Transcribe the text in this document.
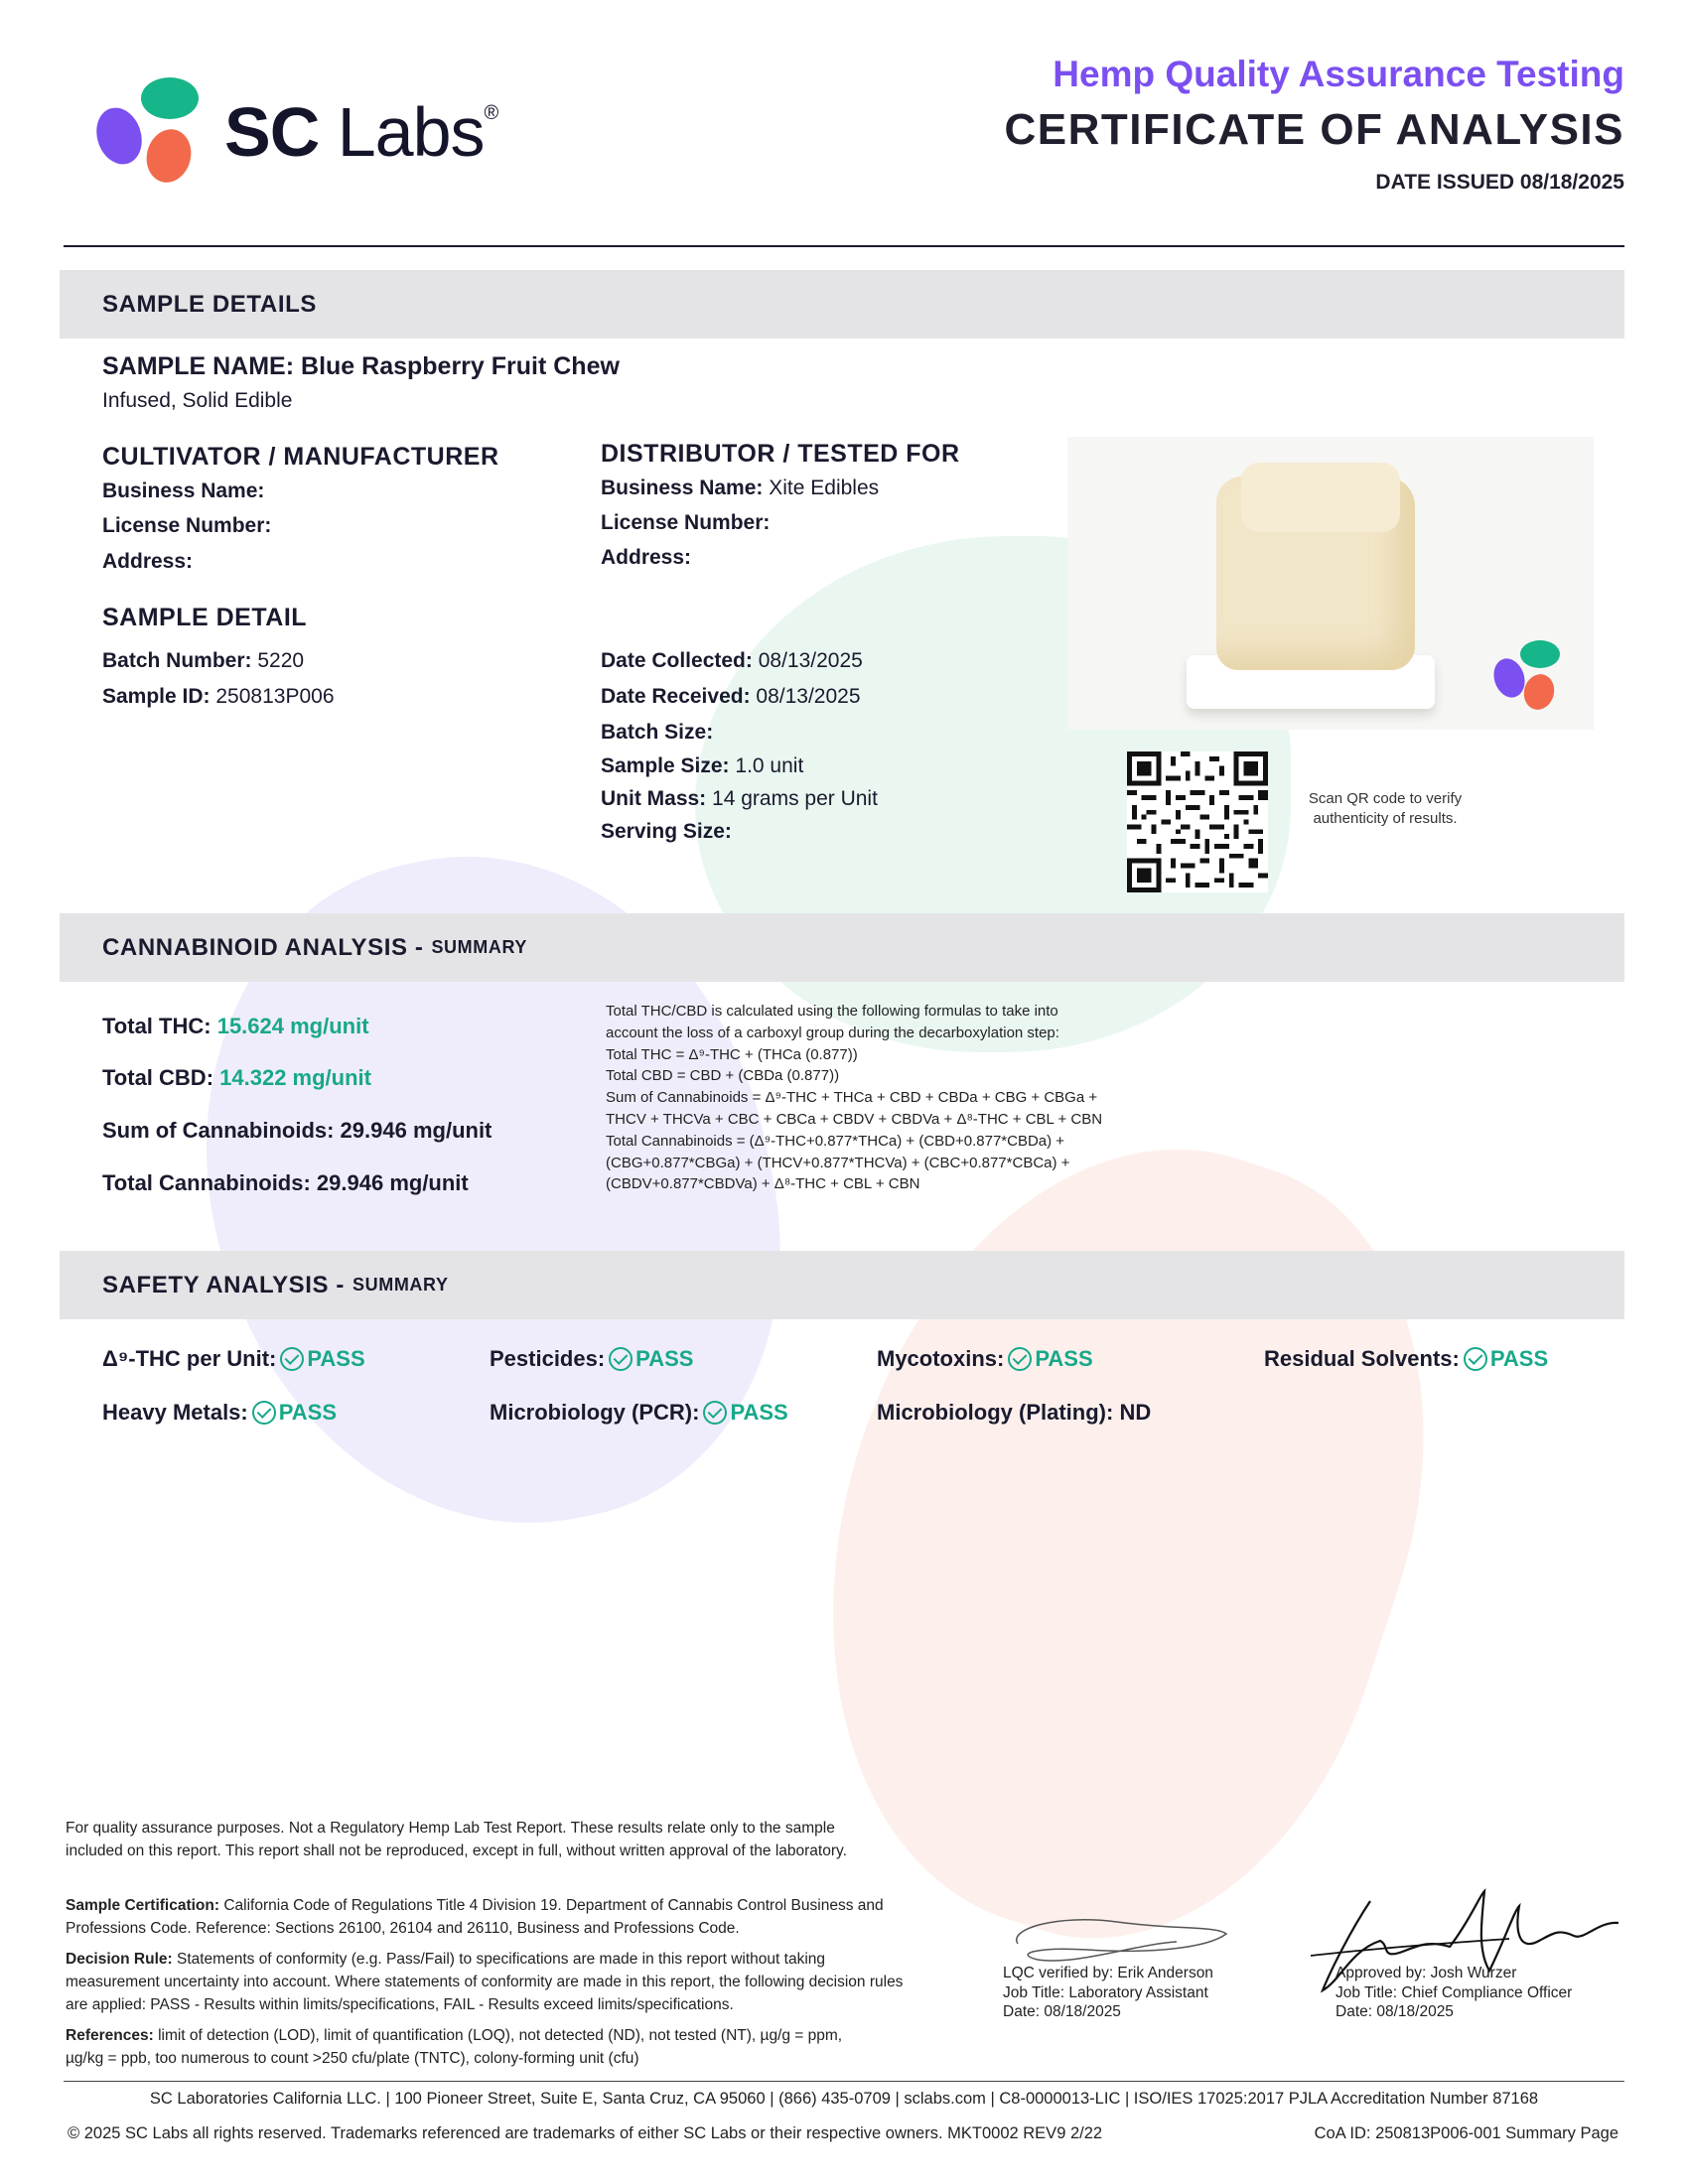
SC Labs®
Hemp Quality Assurance Testing
CERTIFICATE OF ANALYSIS
DATE ISSUED 08/18/2025
SAMPLE DETAILS
SAMPLE NAME: Blue Raspberry Fruit Chew
Infused, Solid Edible
CULTIVATOR / MANUFACTURER
Business Name:
License Number:
Address:
DISTRIBUTOR / TESTED FOR
Business Name: Xite Edibles
License Number:
Address:
SAMPLE DETAIL
Batch Number: 5220
Sample ID: 250813P006
Date Collected: 08/13/2025
Date Received: 08/13/2025
Batch Size:
Sample Size: 1.0 unit
Unit Mass: 14 grams per Unit
Serving Size:
Scan QR code to verify authenticity of results.
CANNABINOID ANALYSIS - SUMMARY
Total THC: 15.624 mg/unit
Total CBD: 14.322 mg/unit
Sum of Cannabinoids: 29.946 mg/unit
Total Cannabinoids: 29.946 mg/unit
Total THC/CBD is calculated using the following formulas to take into
account the loss of a carboxyl group during the decarboxylation step:
Total THC = Δ⁹-THC + (THCa (0.877))
Total CBD = CBD + (CBDa (0.877))
Sum of Cannabinoids = Δ⁹-THC + THCa + CBD + CBDa + CBG + CBGa +
THCV + THCVa + CBC + CBCa + CBDV + CBDVa + Δ⁸-THC + CBL + CBN
Total Cannabinoids = (Δ⁹-THC+0.877*THCa) + (CBD+0.877*CBDa) +
(CBG+0.877*CBGa) + (THCV+0.877*THCVa) + (CBC+0.877*CBCa) +
(CBDV+0.877*CBDVa) + Δ⁸-THC + CBL + CBN
SAFETY ANALYSIS - SUMMARY
Δ⁹-THC per Unit: PASS	Pesticides: PASS	Mycotoxins: PASS	Residual Solvents: PASS
Heavy Metals: PASS	Microbiology (PCR): PASS	Microbiology (Plating):
ND
For quality assurance purposes. Not a Regulatory Hemp Lab Test Report. These results relate only to the sample included on this report. This report shall not be reproduced, except in full, without written approval of the laboratory.
Sample Certification: California Code of Regulations Title 4 Division 19. Department of Cannabis Control Business and Professions Code. Reference: Sections 26100, 26104 and 26110, Business and Professions Code.
Decision Rule: Statements of conformity (e.g. Pass/Fail) to specifications are made in this report without taking measurement uncertainty into account. Where statements of conformity are made in this report, the following decision rules are applied: PASS - Results within limits/specifications, FAIL - Results exceed limits/specifications.
References: limit of detection (LOD), limit of quantification (LOQ), not detected (ND), not tested (NT), µg/g = ppm, µg/kg = ppb, too numerous to count >250 cfu/plate (TNTC), colony-forming unit (cfu)
LQC verified by: Erik Anderson
Job Title: Laboratory Assistant
Date: 08/18/2025
Approved by: Josh Wurzer
Job Title: Chief Compliance Officer
Date: 08/18/2025
SC Laboratories California LLC. | 100 Pioneer Street, Suite E, Santa Cruz, CA 95060 | (866) 435-0709 | sclabs.com | C8-0000013-LIC | ISO/IES 17025:2017 PJLA Accreditation Number 87168
© 2025 SC Labs all rights reserved. Trademarks referenced are trademarks of either SC Labs or their respective owners. MKT0002 REV9 2/22	CoA ID: 250813P006-001 Summary Page
